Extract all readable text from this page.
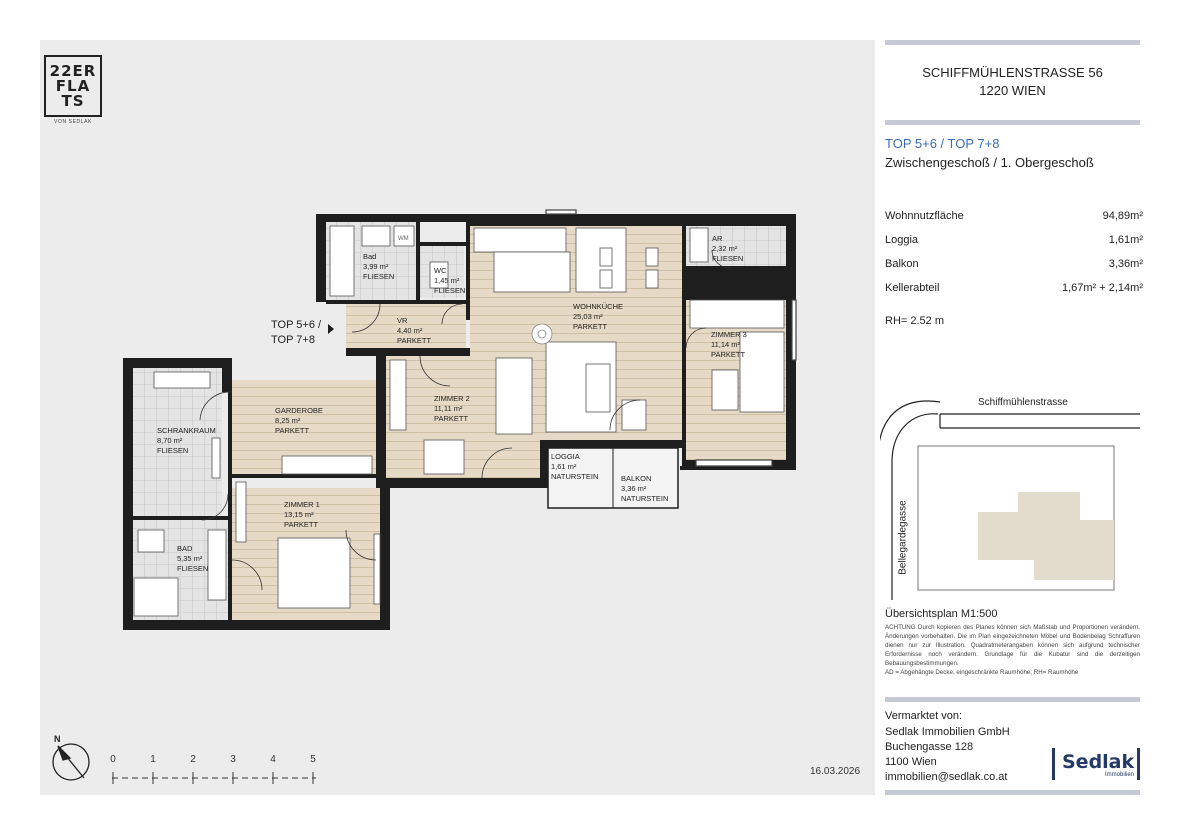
22ER
FLA
TS
VON SEDLAK
TOP 5+6 /
TOP 7+8
N
0	1	2	3	4	5
16.03.2026
WM
Bad
3,99 m²
FLIESEN
WC
1,45 m²
FLIESEN
VR
4,40 m²
PARKETT
WOHNKÜCHE
25,03 m²
PARKETT
AR
2,32 m²
FLIESEN
ZIMMER 3
11,14 m²
PARKETT
ZIMMER 2
11,11 m²
PARKETT
GARDEROBE
8,25 m²
PARKETT
SCHRANKRAUM
8,70 m²
FLIESEN
ZIMMER 1
13,15 m²
PARKETT
BAD
5,35 m²
FLIESEN
LOGGIA
1,61 m²
NATURSTEIN	BALKON
3,36 m²
NATURSTEIN
SCHIFFMÜHLENSTRASSE 56
1220 WIEN
TOP 5+6 / TOP 7+8
Zwischengeschoß / 1. Obergeschoß
Wohnnutzfläche	94,89m²
Loggia	1,61m²
Balkon	3,36m²
Kellerabteil	1,67m² + 2,14m²
RH= 2.52 m
Schiffmühlenstrasse
Bellegardegasse
Übersichtsplan M1:500
ACHTUNG Durch kopieren des Planes können sich Maßstab und Proportionen verändern. Änderungen vorbehalten. Die im Plan eingezeichneten Möbel und Bodenbelag Schraffuren dienen nur zur Illustration. Quadratmeterangaben können sich aufgrund technischer Erfordernisse noch verändern. Grundlage für die Kubatur sind die derzeitigen Bebauungsbestimmungen.
AD = Abgehängte Decke, eingeschränkte Raumhöhe; RH= Raumhöhe
Vermarktet von:
Sedlak Immobilien GmbH
Buchengasse 128
1100 Wien
immobilien@sedlak.co.at
Sedlak
Immobilien
